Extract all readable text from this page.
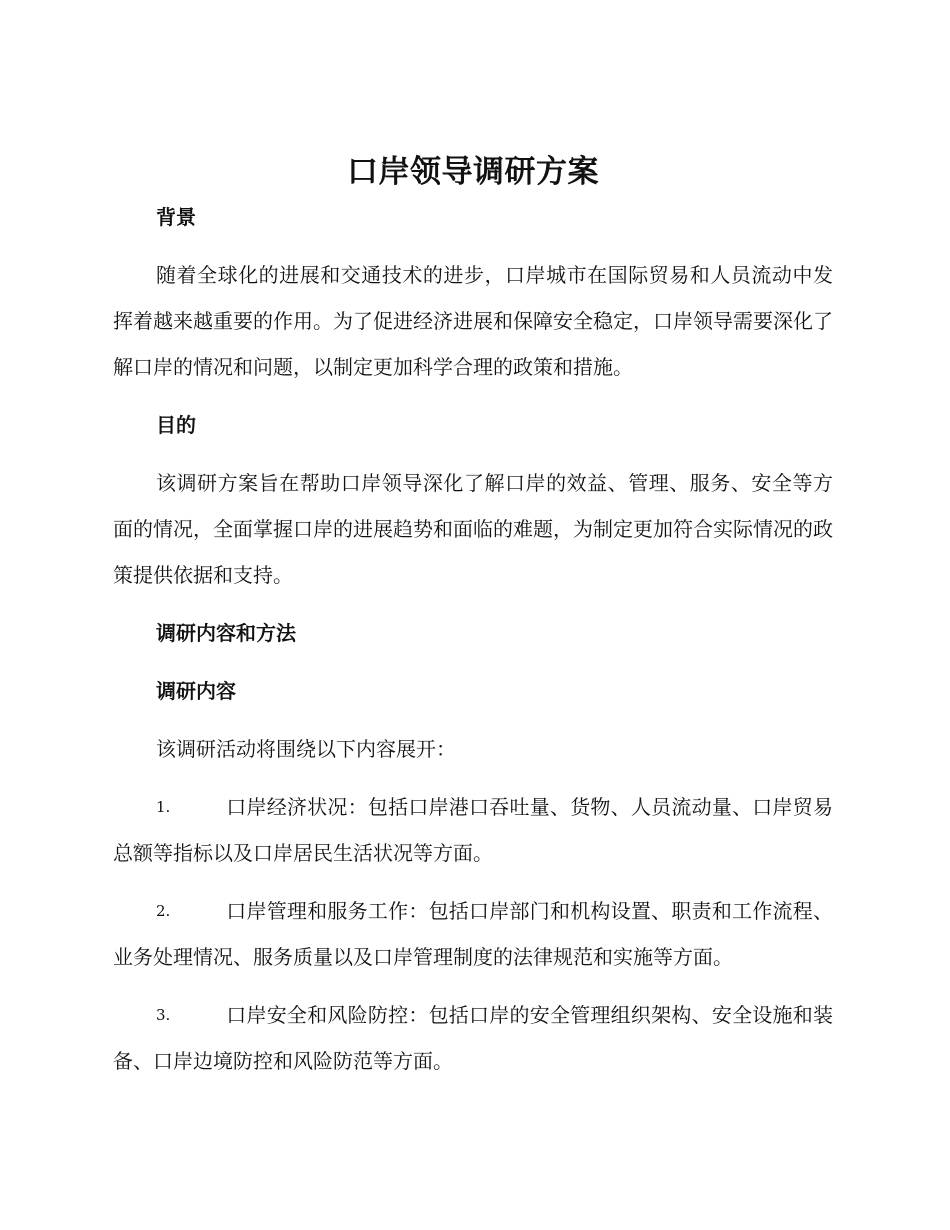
口岸领导调研方案

背景

随着全球化的进展和交通技术的进步，口岸城市在国际贸易和人员流动中发挥着越来越重要的作用。为了促进经济进展和保障安全稳定，口岸领导需要深化了解口岸的情况和问题，以制定更加科学合理的政策和措施。

目的

该调研方案旨在帮助口岸领导深化了解口岸的效益、管理、服务、安全等方面的情况，全面掌握口岸的进展趋势和面临的难题，为制定更加符合实际情况的政策提供依据和支持。

调研内容和方法

调研内容

该调研活动将围绕以下内容展开：

1.	口岸经济状况：包括口岸港口吞吐量、货物、人员流动量、口岸贸易总额等指标以及口岸居民生活状况等方面。

2.	口岸管理和服务工作：包括口岸部门和机构设置、职责和工作流程、业务处理情况、服务质量以及口岸管理制度的法律规范和实施等方面。

3.	口岸安全和风险防控：包括口岸的安全管理组织架构、安全设施和装备、口岸边境防控和风险防范等方面。
